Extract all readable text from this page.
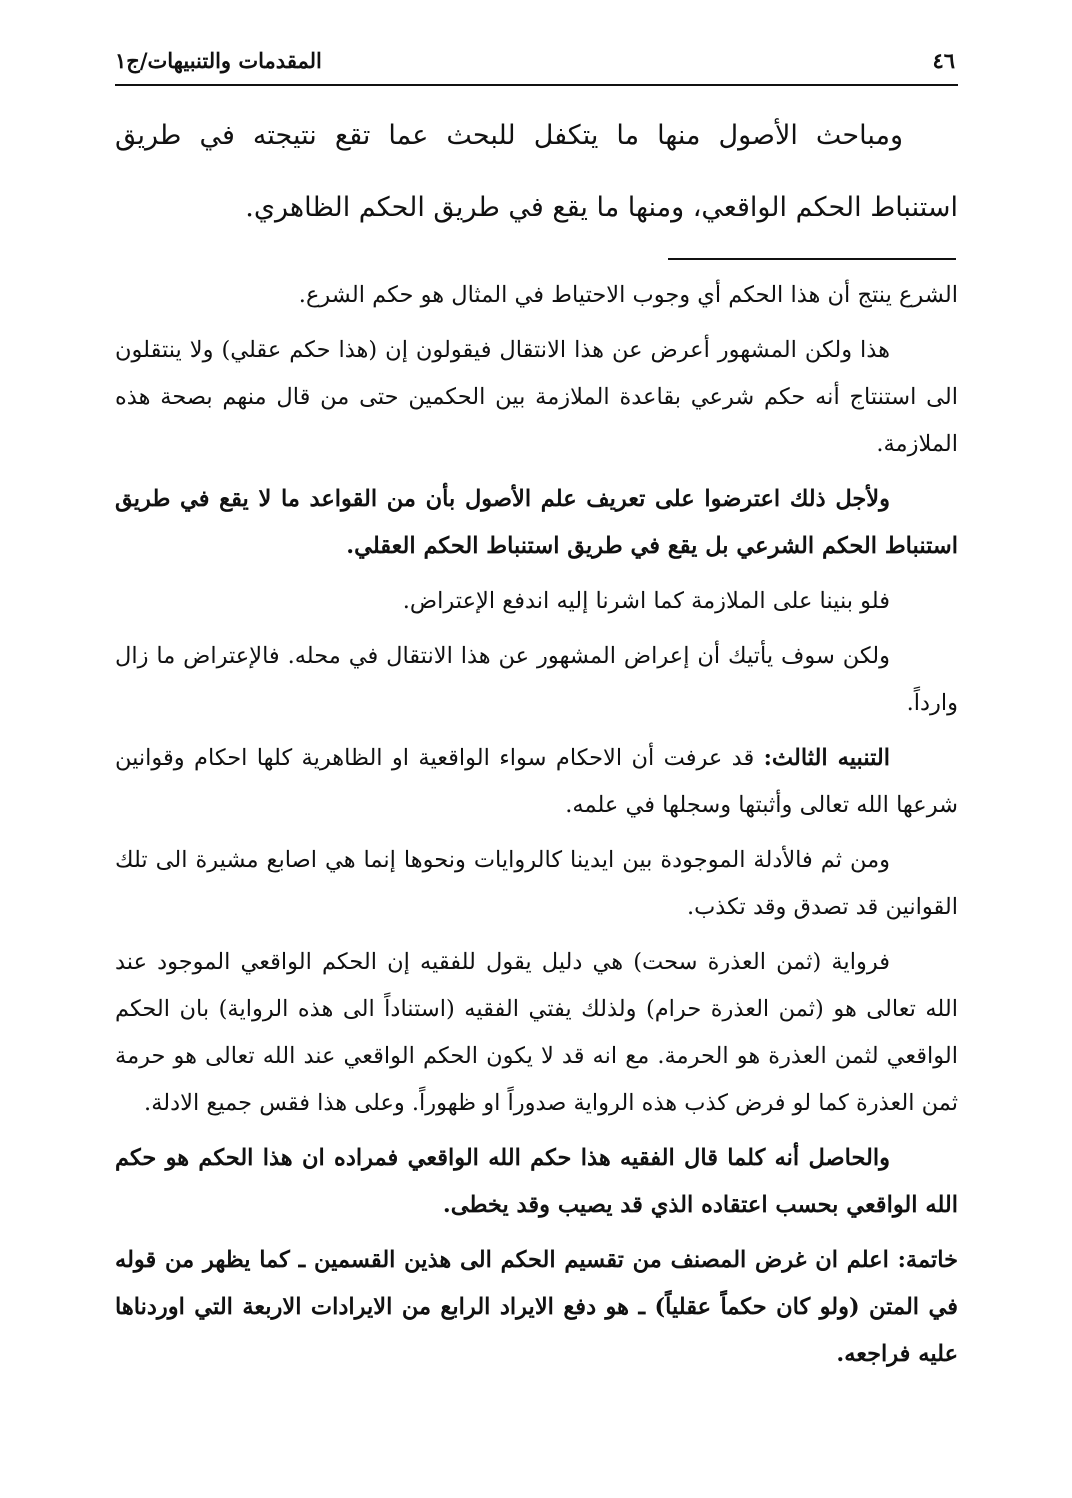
٤٦
المقدمات والتنبيهات/ج١

ومباحث الأصول منها ما يتكفل للبحث عما تقع نتيجته في طريق استنباط الحكم الواقعي، ومنها ما يقع في طريق الحكم الظاهري.

الشرع ينتج أن هذا الحكم أي وجوب الاحتياط في المثال هو حكم الشرع.

هذا ولكن المشهور أعرض عن هذا الانتقال فيقولون إن (هذا حكم عقلي) ولا ينتقلون الى استنتاج أنه حكم شرعي بقاعدة الملازمة بين الحكمين حتى من قال منهم بصحة هذه الملازمة.

ولأجل ذلك اعترضوا على تعريف علم الأصول بأن من القواعد ما لا يقع في طريق استنباط الحكم الشرعي بل يقع في طريق استنباط الحكم العقلي.

فلو بنينا على الملازمة كما اشرنا إليه اندفع الإعتراض.

ولكن سوف يأتيك أن إعراض المشهور عن هذا الانتقال في محله. فالإعتراض ما زال وارداً.

التنبيه الثالث: قد عرفت أن الاحكام سواء الواقعية او الظاهرية كلها احكام وقوانين شرعها الله تعالى وأثبتها وسجلها في علمه.

ومن ثم فالأدلة الموجودة بين ايدينا كالروايات ونحوها إنما هي اصابع مشيرة الى تلك القوانين قد تصدق وقد تكذب.

فرواية (ثمن العذرة سحت) هي دليل يقول للفقيه إن الحكم الواقعي الموجود عند الله تعالى هو (ثمن العذرة حرام) ولذلك يفتي الفقيه (استناداً الى هذه الرواية) بان الحكم الواقعي لثمن العذرة هو الحرمة. مع انه قد لا يكون الحكم الواقعي عند الله تعالى هو حرمة ثمن العذرة كما لو فرض كذب هذه الرواية صدوراً او ظهوراً. وعلى هذا فقس جميع الادلة.

والحاصل أنه كلما قال الفقيه هذا حكم الله الواقعي فمراده ان هذا الحكم هو حكم الله الواقعي بحسب اعتقاده الذي قد يصيب وقد يخطى.

خاتمة: اعلم ان غرض المصنف من تقسيم الحكم الى هذين القسمين ـ كما يظهر من قوله في المتن (ولو كان حكماً عقلياً) ـ هو دفع الايراد الرابع من الايرادات الاربعة التي اوردناها عليه فراجعه.
